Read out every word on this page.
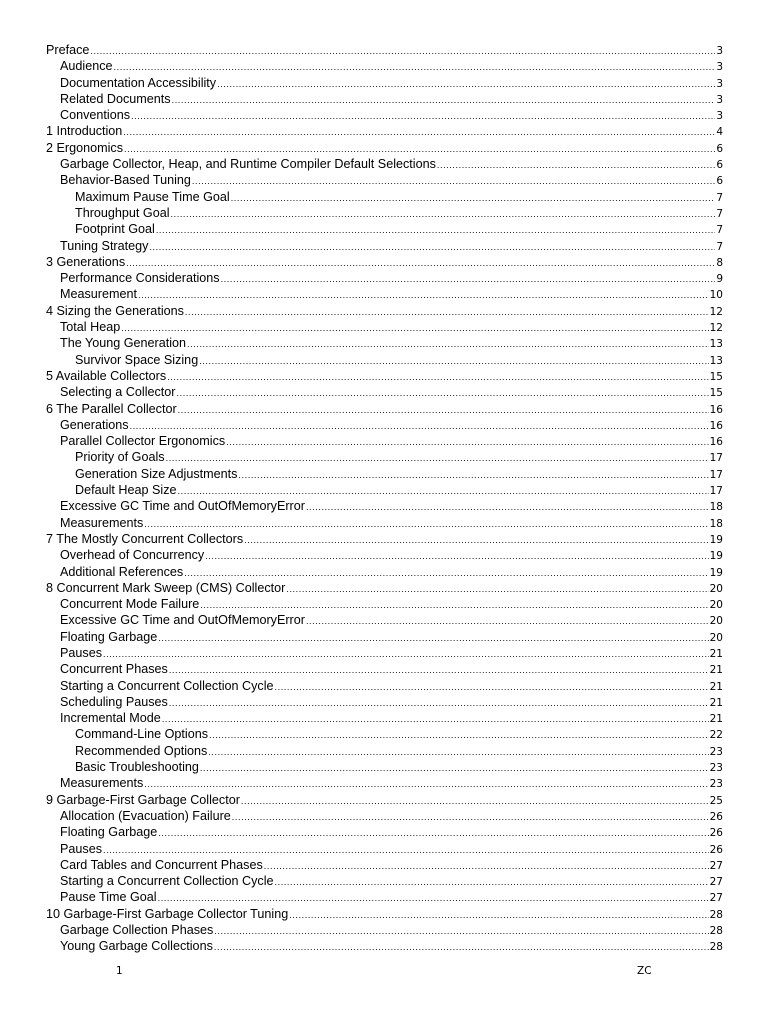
Preface .....	3
Audience .....	3
Documentation Accessibility .....	3
Related Documents .....	3
Conventions .....	3
1 Introduction .....	4
2 Ergonomics .....	6
Garbage Collector, Heap, and Runtime Compiler Default Selections .....	6
Behavior-Based Tuning .....	6
Maximum Pause Time Goal .....	7
Throughput Goal .....	7
Footprint Goal .....	7
Tuning Strategy .....	7
3 Generations .....	8
Performance Considerations .....	9
Measurement .....	10
4 Sizing the Generations .....	12
Total Heap .....	12
The Young Generation .....	13
Survivor Space Sizing .....	13
5 Available Collectors .....	15
Selecting a Collector .....	15
6 The Parallel Collector .....	16
Generations .....	16
Parallel Collector Ergonomics .....	16
Priority of Goals .....	17
Generation Size Adjustments .....	17
Default Heap Size .....	17
Excessive GC Time and OutOfMemoryError .....	18
Measurements .....	18
7 The Mostly Concurrent Collectors .....	19
Overhead of Concurrency .....	19
Additional References .....	19
8 Concurrent Mark Sweep (CMS) Collector .....	20
Concurrent Mode Failure .....	20
Excessive GC Time and OutOfMemoryError .....	20
Floating Garbage .....	20
Pauses .....	21
Concurrent Phases .....	21
Starting a Concurrent Collection Cycle .....	21
Scheduling Pauses .....	21
Incremental Mode .....	21
Command-Line Options .....	22
Recommended Options .....	23
Basic Troubleshooting .....	23
Measurements .....	23
9 Garbage-First Garbage Collector .....	25
Allocation (Evacuation) Failure .....	26
Floating Garbage .....	26
Pauses .....	26
Card Tables and Concurrent Phases .....	27
Starting a Concurrent Collection Cycle .....	27
Pause Time Goal .....	27
10 Garbage-First Garbage Collector Tuning .....	28
Garbage Collection Phases .....	28
Young Garbage Collections .....	28
1	ZC
